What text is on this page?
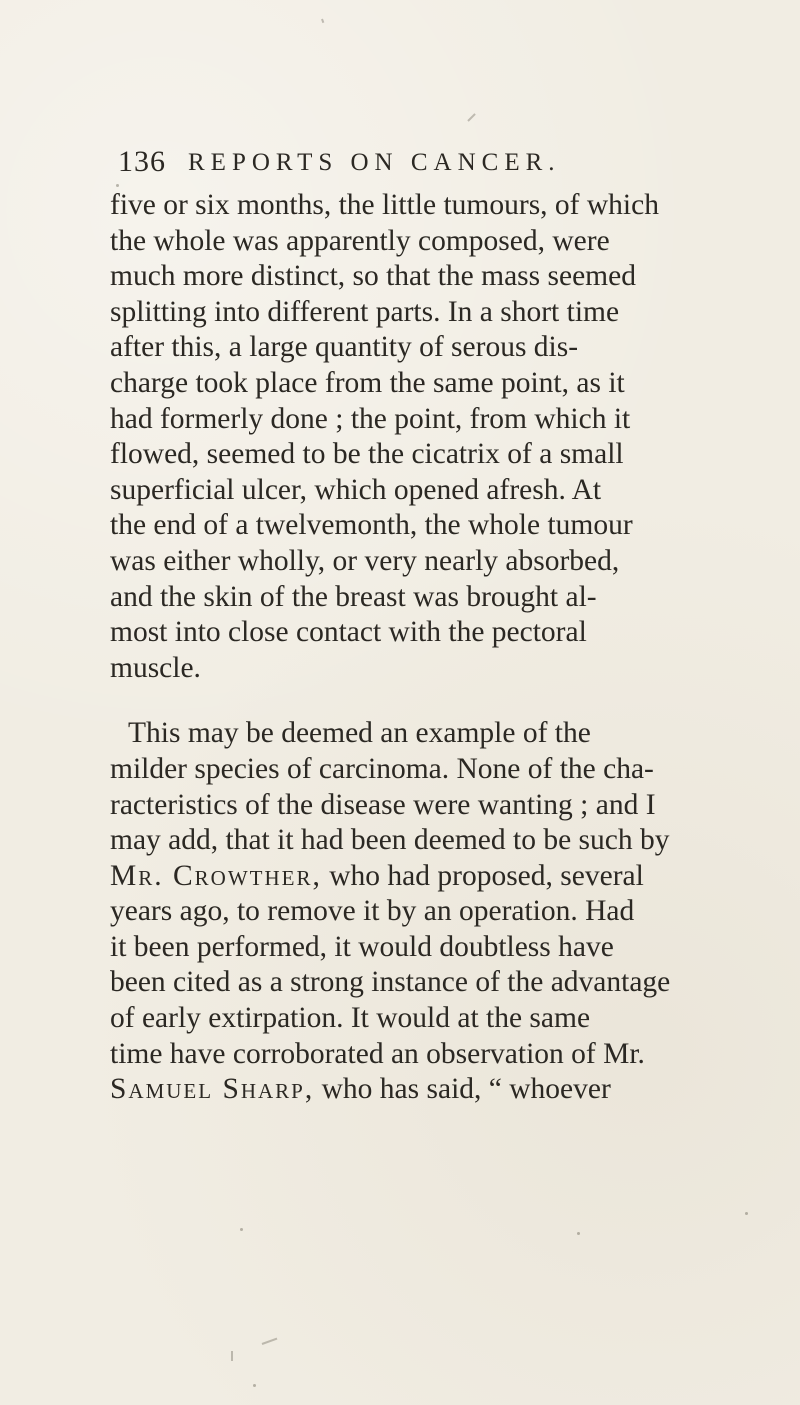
136 REPORTS ON CANCER.

five or six months, the little tumours, of which
the whole was apparently composed, were
much more distinct, so that the mass seemed
splitting into different parts. In a short time
after this, a large quantity of serous dis-
charge took place from the same point, as it
had formerly done ; the point, from which it
flowed, seemed to be the cicatrix of a small
superficial ulcer, which opened afresh. At
the end of a twelvemonth, the whole tumour
was either wholly, or very nearly absorbed,
and the skin of the breast was brought al-
most into close contact with the pectoral
muscle.

This may be deemed an example of the
milder species of carcinoma. None of the cha-
racteristics of the disease were wanting ; and I
may add, that it had been deemed to be such by
Mr. Crowther, who had proposed, several
years ago, to remove it by an operation. Had
it been performed, it would doubtless have
been cited as a strong instance of the advantage
of early extirpation. It would at the same
time have corroborated an observation of Mr.
Samuel Sharp, who has said, “ whoever
